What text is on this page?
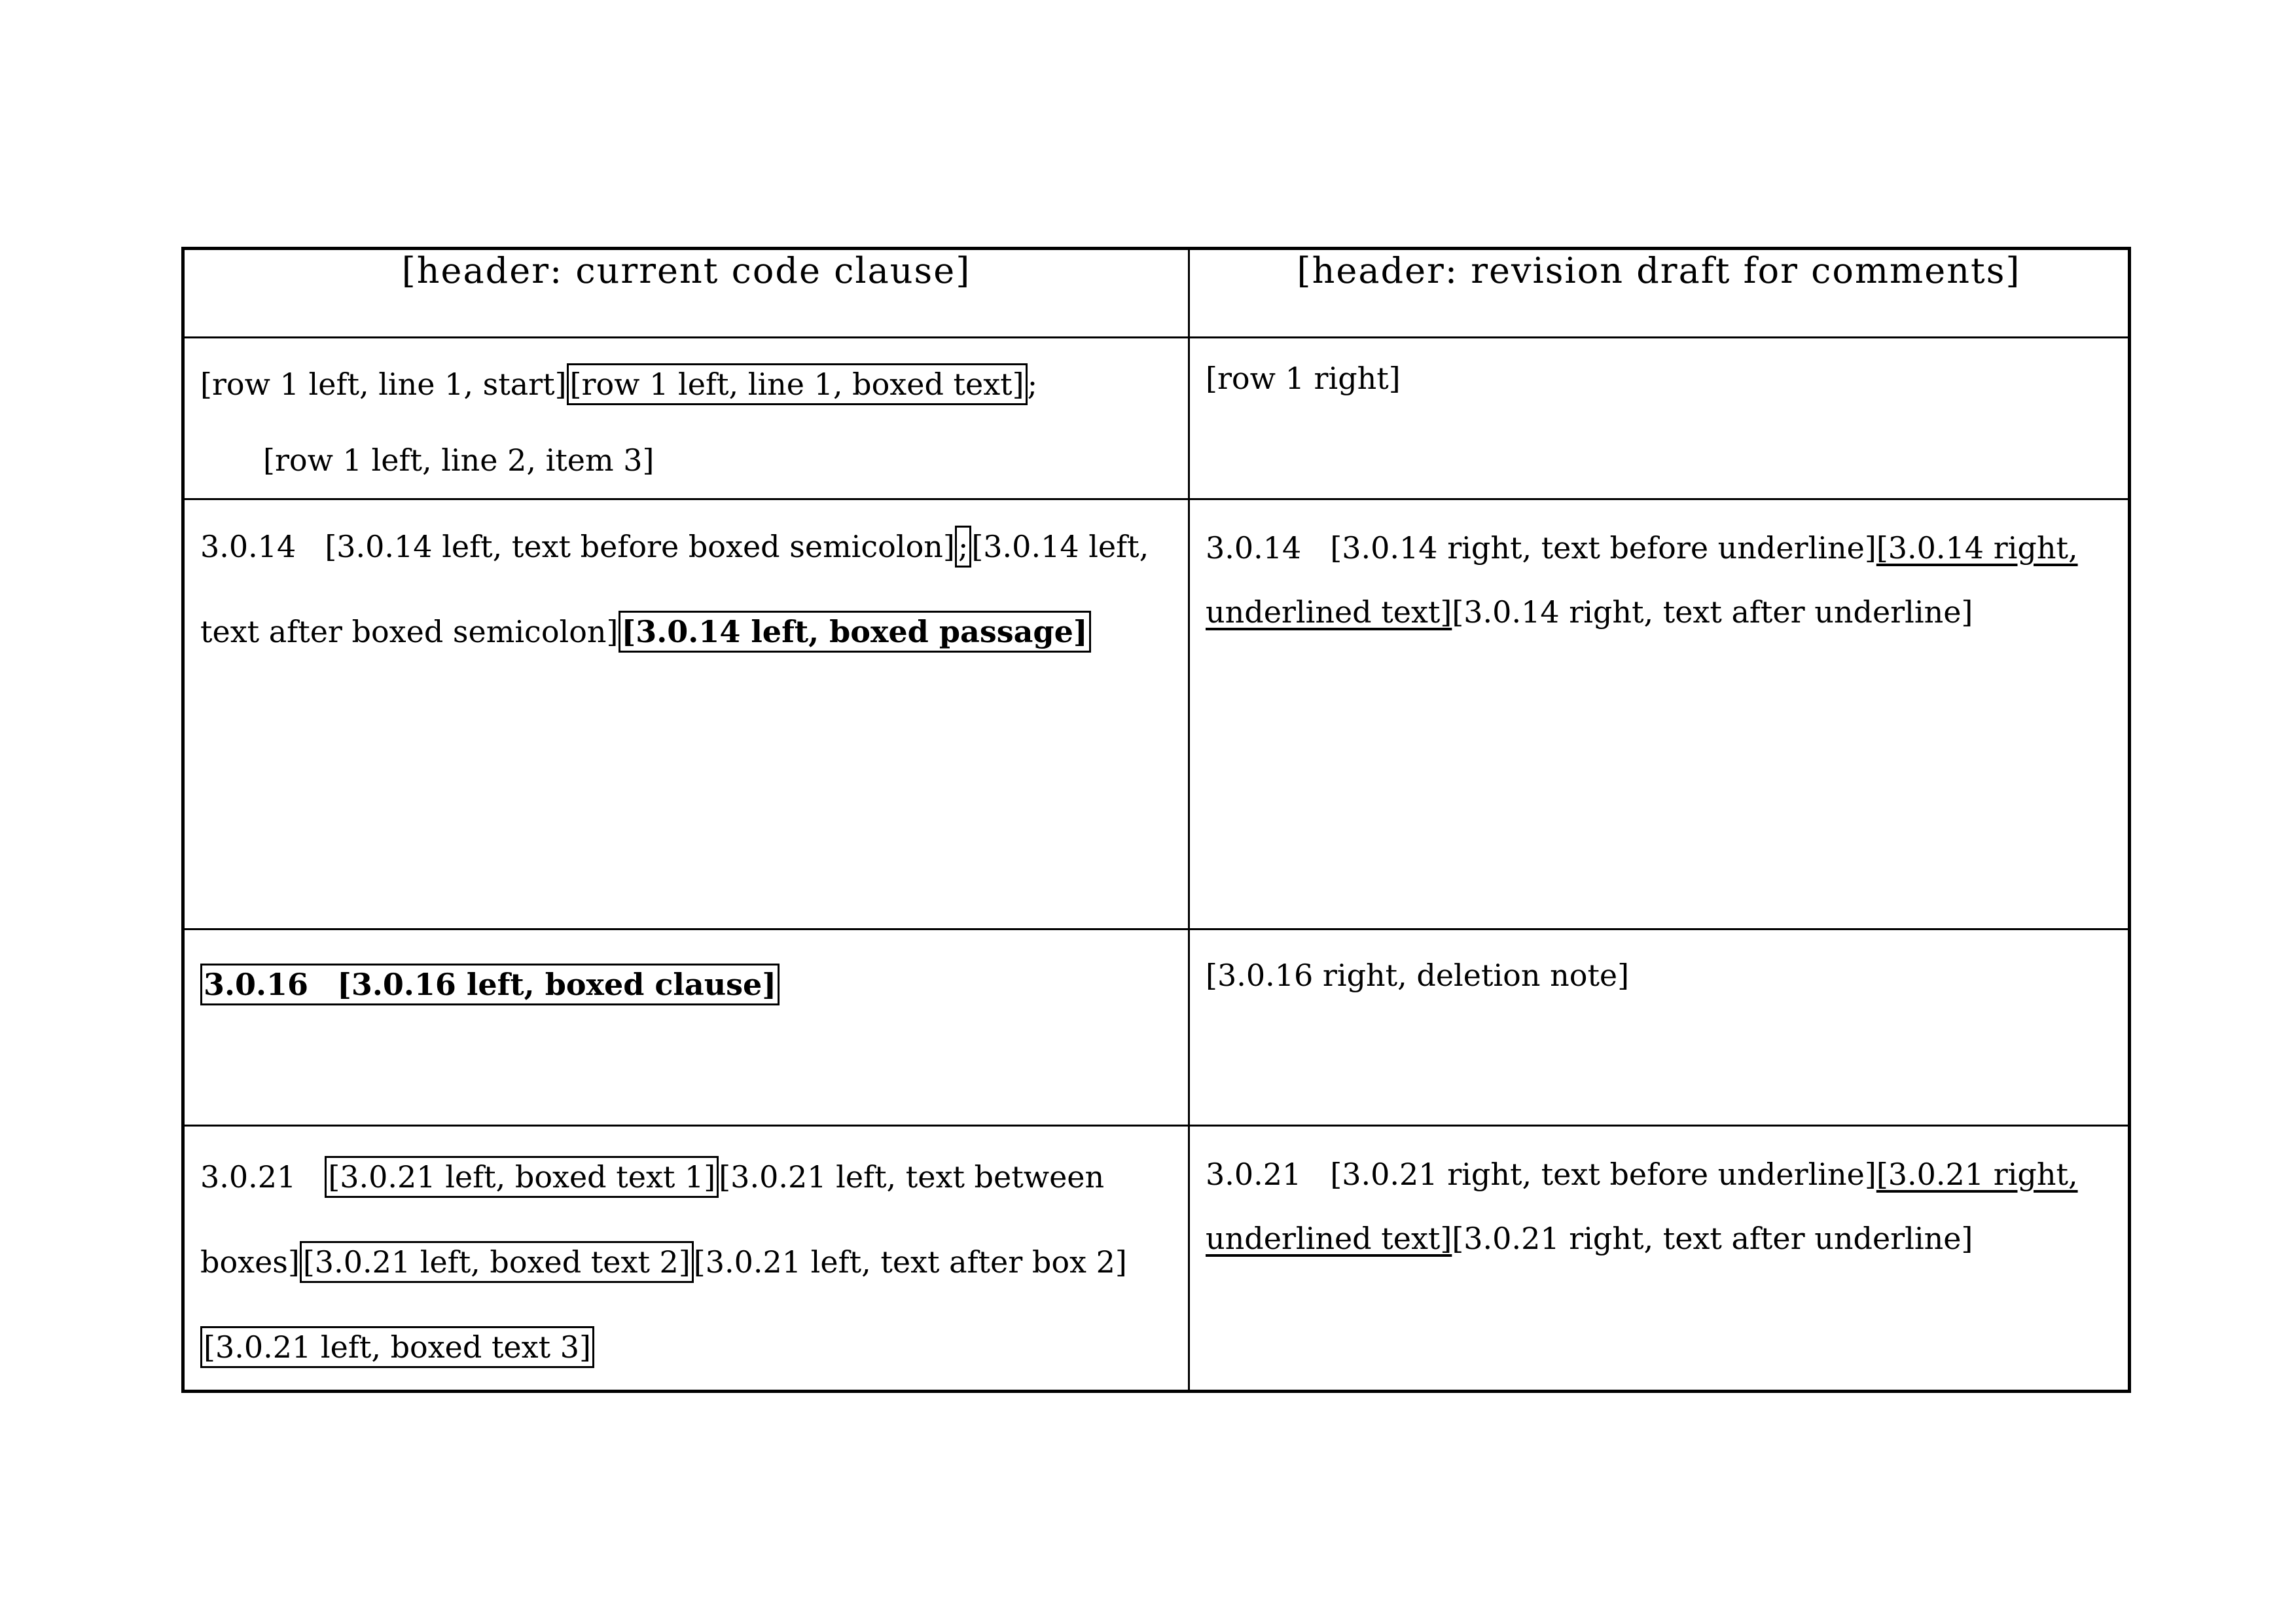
[header: current code clause]	[header: revision draft for comments]

[row 1 left, line 1, start] [row 1 left, line 1, boxed text] ;
[row 1 left, line 2, item 3]	[row 1 right]

3.0.14 [3.0.14 left, text before boxed semicolon] ; [3.0.14 left, text after boxed semicolon] [3.0.14 left, boxed passage]	3.0.14 [3.0.14 right, text before underline][3.0.14 right, underlined text][3.0.14 right, text after underline]

3.0.16 [3.0.16 left, boxed clause]	[3.0.16 right, deletion note]

3.0.21 [3.0.21 left, boxed text 1] [3.0.21 left, text between boxes] [3.0.21 left, boxed text 2] [3.0.21 left, text after box 2][3.0.21 left, boxed text 3]	3.0.21 [3.0.21 right, text before underline][3.0.21 right, underlined text][3.0.21 right, text after underline]
